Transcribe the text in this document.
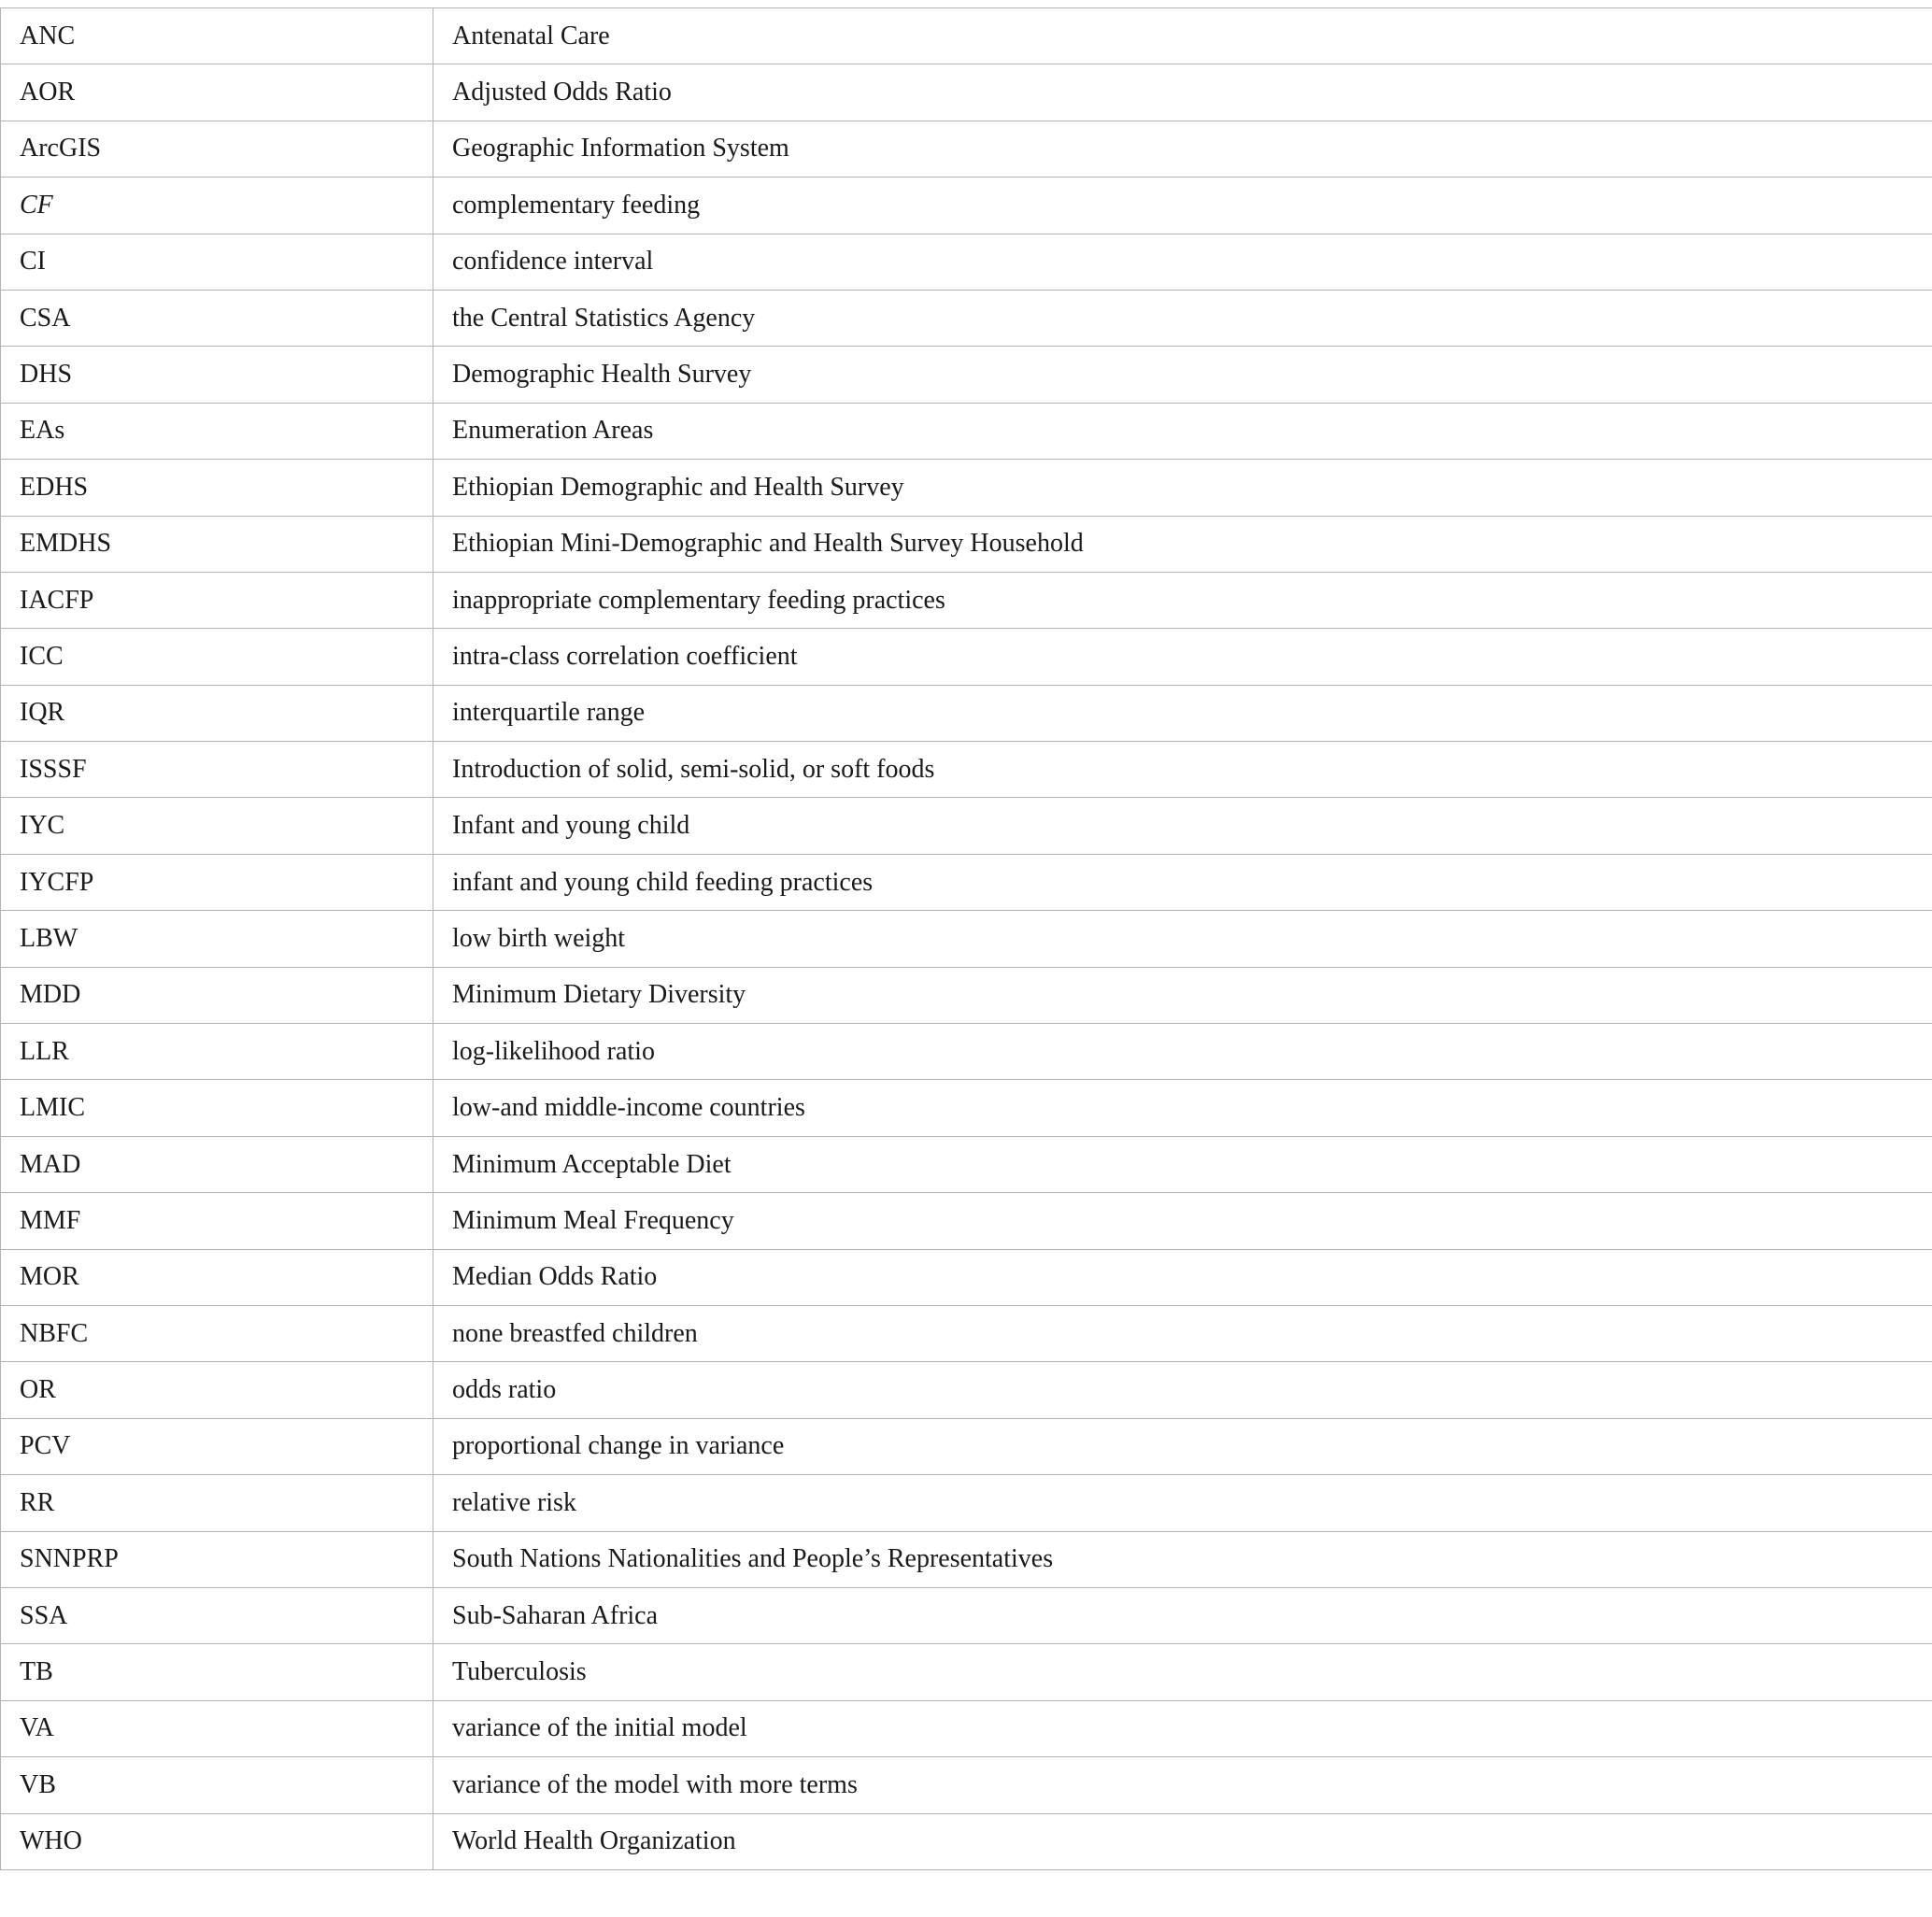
ANC	Antenatal Care
AOR	Adjusted Odds Ratio
ArcGIS	Geographic Information System
CF	complementary feeding
CI	confidence interval
CSA	the Central Statistics Agency
DHS	Demographic Health Survey
EAs	Enumeration Areas
EDHS	Ethiopian Demographic and Health Survey
EMDHS	Ethiopian Mini-Demographic and Health Survey Household
IACFP	inappropriate complementary feeding practices
ICC	intra-class correlation coefficient
IQR	interquartile range
ISSSF	Introduction of solid, semi-solid, or soft foods
IYC	Infant and young child
IYCFP	infant and young child feeding practices
LBW	low birth weight
MDD	Minimum Dietary Diversity
LLR	log-likelihood ratio
LMIC	low-and middle-income countries
MAD	Minimum Acceptable Diet
MMF	Minimum Meal Frequency
MOR	Median Odds Ratio
NBFC	none breastfed children
OR	odds ratio
PCV	proportional change in variance
RR	relative risk
SNNPRP	South Nations Nationalities and People’s Representatives
SSA	Sub-Saharan Africa
TB	Tuberculosis
VA	variance of the initial model
VB	variance of the model with more terms
WHO	World Health Organization
